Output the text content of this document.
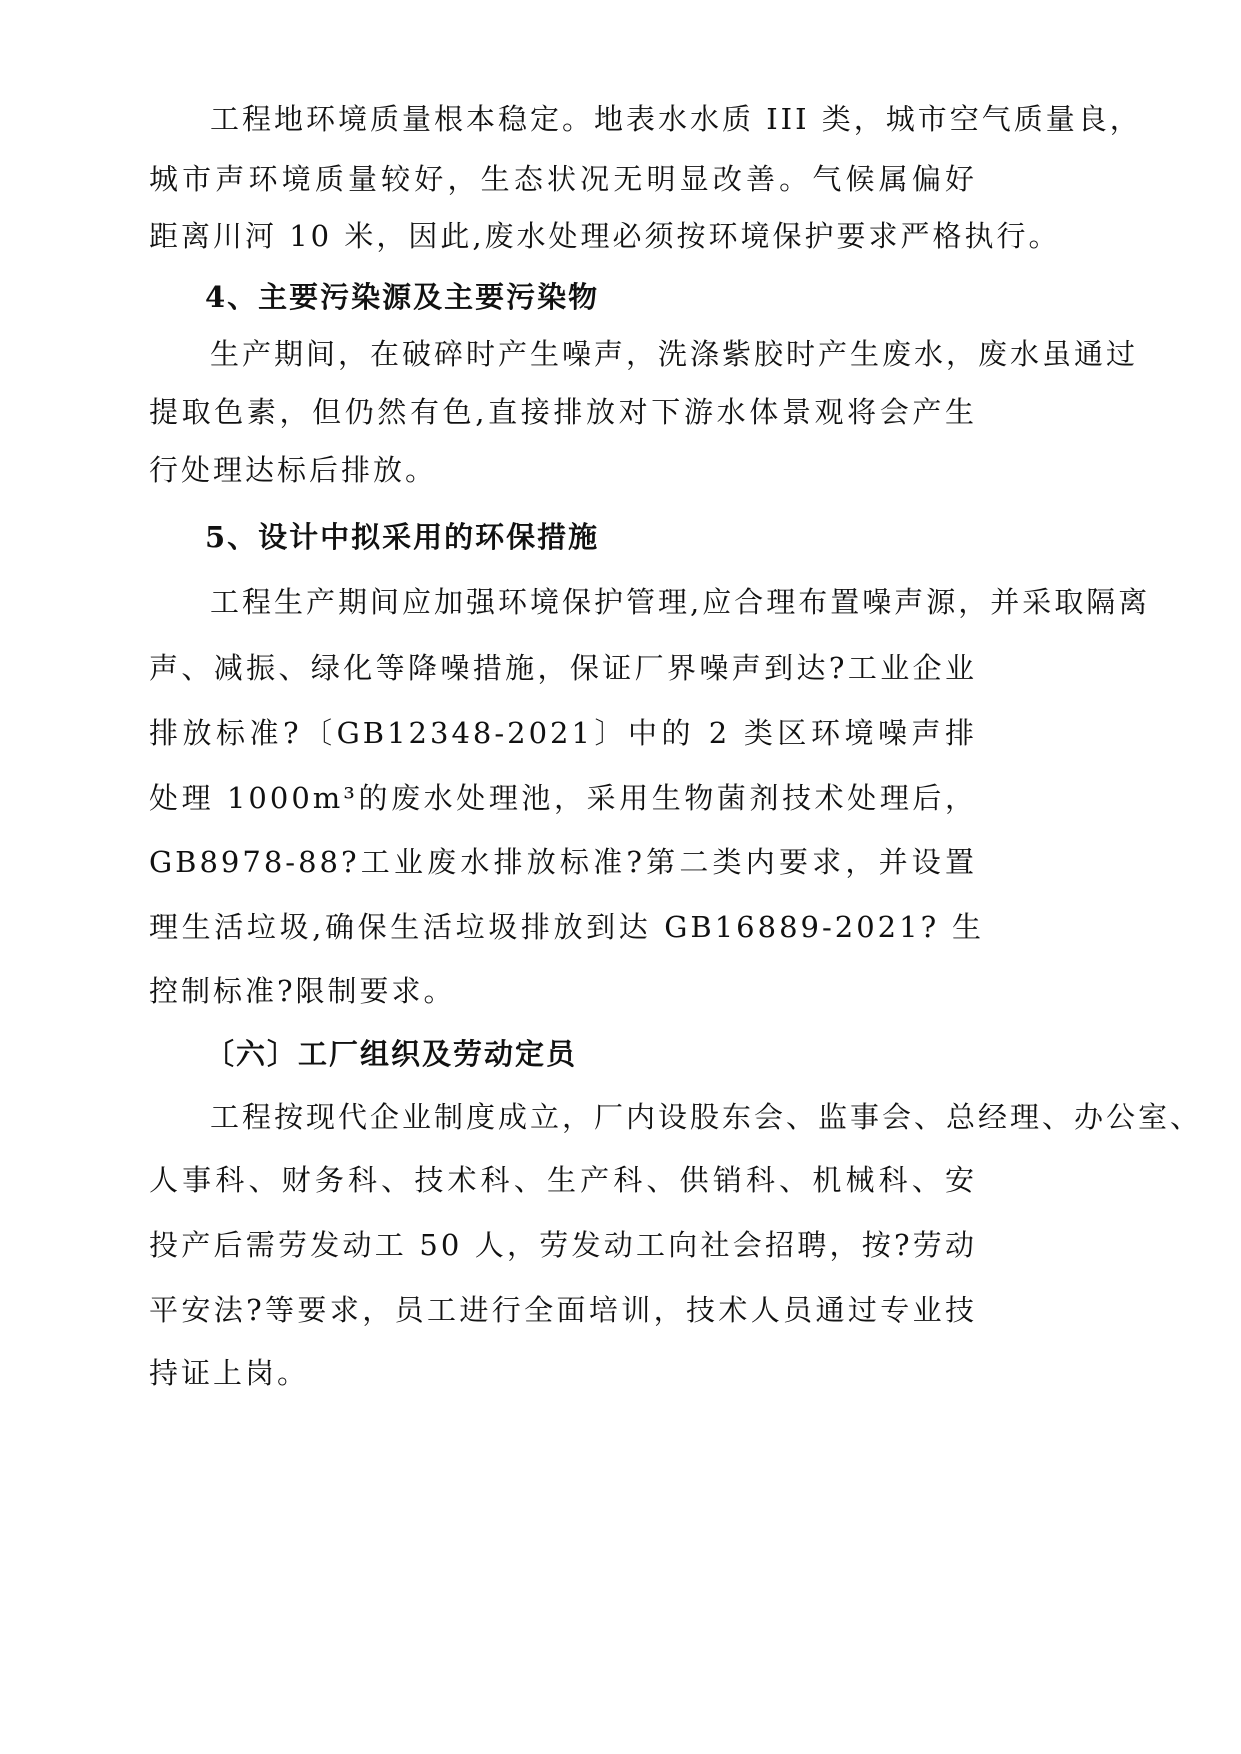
工程地环境质量根本稳定。地表水水质 III 类，城市空气质量良，
城市声环境质量较好，生态状况无明显改善。气候属偏好
距离川河 10 米，因此,废水处理必须按环境保护要求严格执行。
4、主要污染源及主要污染物
生产期间，在破碎时产生噪声，洗涤紫胶时产生废水，废水虽通过
提取色素，但仍然有色,直接排放对下游水体景观将会产生
行处理达标后排放。
5、设计中拟采用的环保措施
工程生产期间应加强环境保护管理,应合理布置噪声源，并采取隔离
声、减振、绿化等降噪措施，保证厂界噪声到达?工业企业
排放标准?〔GB12348-2021〕中的 2 类区环境噪声排
处理 1000m³的废水处理池，采用生物菌剂技术处理后，
GB8978-88?工业废水排放标准?第二类内要求，并设置
理生活垃圾,确保生活垃圾排放到达 GB16889-2021? 生
控制标准?限制要求。
〔六〕工厂组织及劳动定员
工程按现代企业制度成立，厂内设股东会、监事会、总经理、办公室、
人事科、财务科、技术科、生产科、供销科、机械科、安
投产后需劳发动工 50 人，劳发动工向社会招聘，按?劳动
平安法?等要求，员工进行全面培训，技术人员通过专业技
持证上岗。
